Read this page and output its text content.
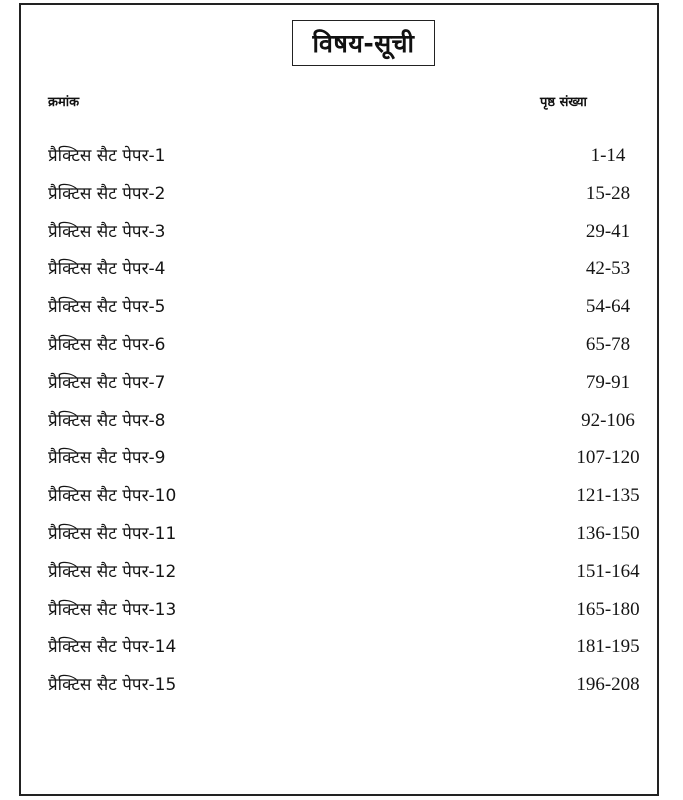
विषय-सूची
क्रमांक	पृष्ठ संख्या
प्रैक्टिस सैट पेपर-1	1-14
प्रैक्टिस सैट पेपर-2	15-28
प्रैक्टिस सैट पेपर-3	29-41
प्रैक्टिस सैट पेपर-4	42-53
प्रैक्टिस सैट पेपर-5	54-64
प्रैक्टिस सैट पेपर-6	65-78
प्रैक्टिस सैट पेपर-7	79-91
प्रैक्टिस सैट पेपर-8	92-106
प्रैक्टिस सैट पेपर-9	107-120
प्रैक्टिस सैट पेपर-10	121-135
प्रैक्टिस सैट पेपर-11	136-150
प्रैक्टिस सैट पेपर-12	151-164
प्रैक्टिस सैट पेपर-13	165-180
प्रैक्टिस सैट पेपर-14	181-195
प्रैक्टिस सैट पेपर-15	196-208
